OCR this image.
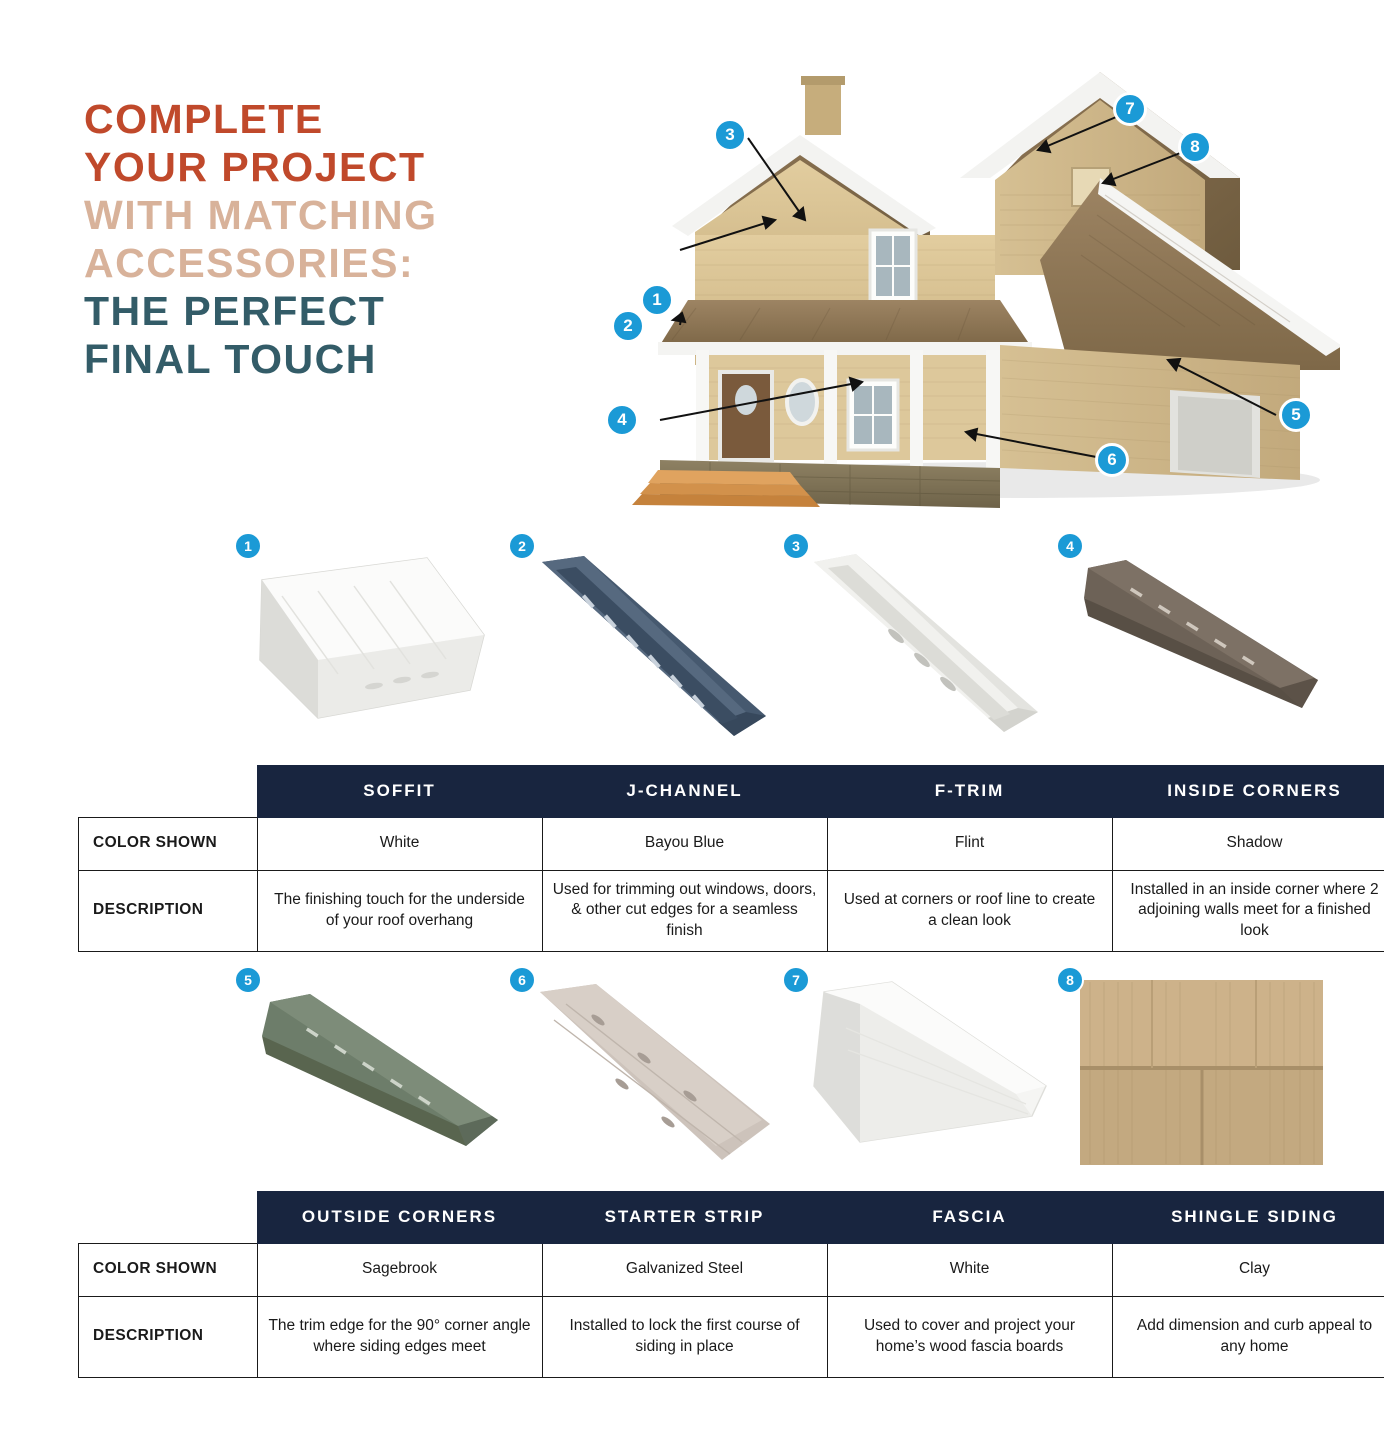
COMPLETE
YOUR PROJECT
WITH MATCHING
ACCESSORIES:
THE PERFECT
FINAL TOUCH
1
2
3
4	5
6
7
8
1	2	3	4
	SOFFIT	J-CHANNEL	F-TRIM	INSIDE CORNERS
COLOR SHOWN	White	Bayou Blue	Flint	Shadow
DESCRIPTION	The finishing touch for the underside of your roof overhang	Used for trimming out windows, doors, & other cut edges for a seamless finish	Used at corners or roof line to create a clean look	Installed in an inside corner where 2 adjoining walls meet for a finished look
5	6	7	8
	OUTSIDE CORNERS	STARTER STRIP	FASCIA	SHINGLE SIDING
COLOR SHOWN	Sagebrook	Galvanized Steel	White	Clay
DESCRIPTION	The trim edge for the 90° corner angle where siding edges meet	Installed to lock the first course of siding in place	Used to cover and project your home’s wood fascia boards	Add dimension and curb appeal to any home
